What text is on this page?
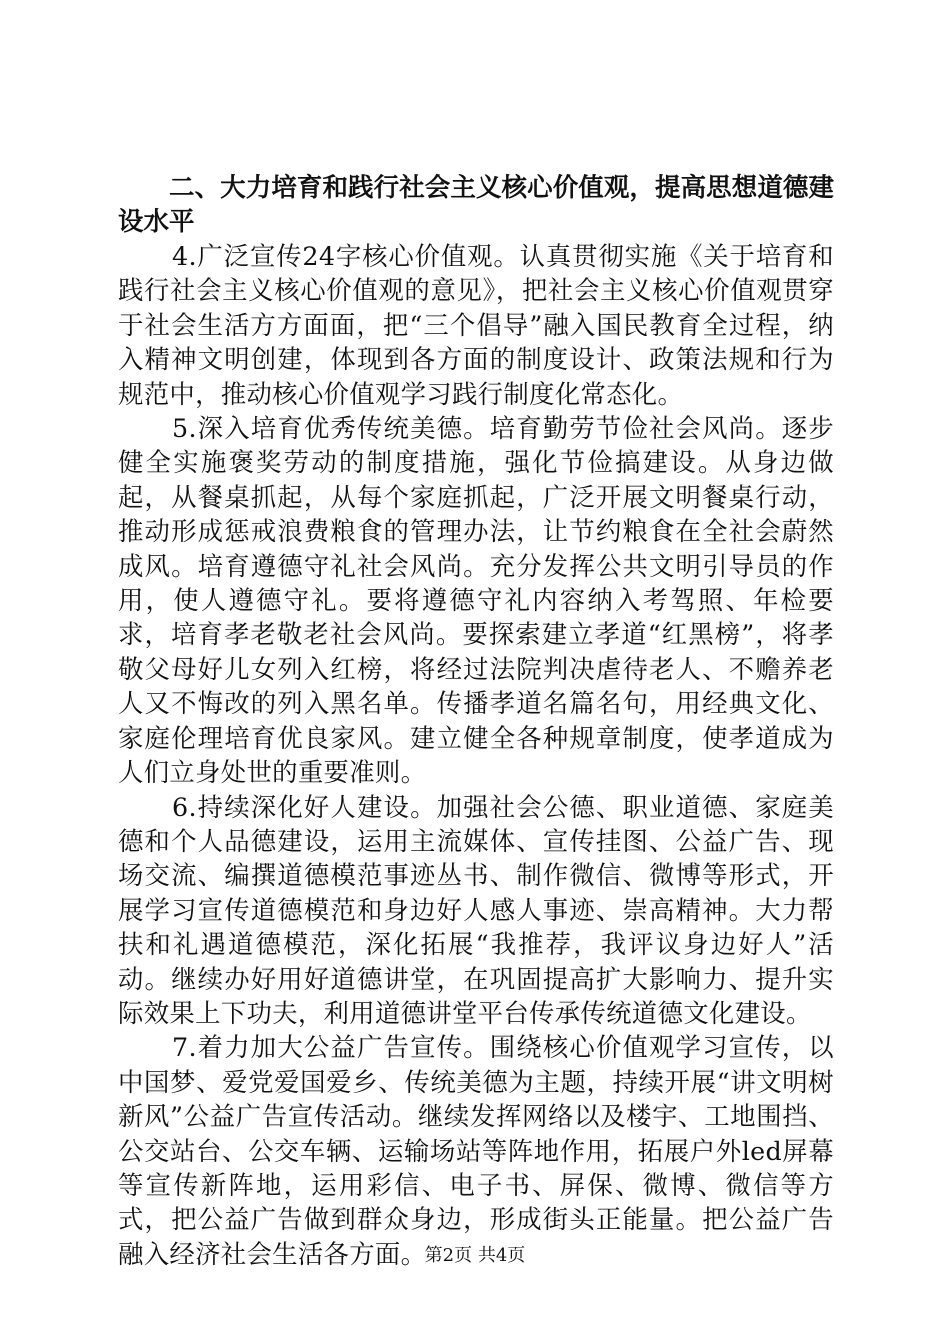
二、大力培育和践行社会主义核心价值观，提高思想道德建设水平

4.广泛宣传24字核心价值观。认真贯彻实施《关于培育和践行社会主义核心价值观的意见》，把社会主义核心价值观贯穿于社会生活方方面面，把“三个倡导”融入国民教育全过程，纳入精神文明创建，体现到各方面的制度设计、政策法规和行为规范中，推动核心价值观学习践行制度化常态化。

5.深入培育优秀传统美德。培育勤劳节俭社会风尚。逐步健全实施褒奖劳动的制度措施，强化节俭搞建设。从身边做起，从餐桌抓起，从每个家庭抓起，广泛开展文明餐桌行动，推动形成惩戒浪费粮食的管理办法，让节约粮食在全社会蔚然成风。培育遵德守礼社会风尚。充分发挥公共文明引导员的作用，使人遵德守礼。要将遵德守礼内容纳入考驾照、年检要求，培育孝老敬老社会风尚。要探索建立孝道“红黑榜”，将孝敬父母好儿女列入红榜，将经过法院判决虐待老人、不赡养老人又不悔改的列入黑名单。传播孝道名篇名句，用经典文化、家庭伦理培育优良家风。建立健全各种规章制度，使孝道成为人们立身处世的重要准则。

6.持续深化好人建设。加强社会公德、职业道德、家庭美德和个人品德建设，运用主流媒体、宣传挂图、公益广告、现场交流、编撰道德模范事迹丛书、制作微信、微博等形式，开展学习宣传道德模范和身边好人感人事迹、崇高精神。大力帮扶和礼遇道德模范，深化拓展“我推荐，我评议身边好人”活动。继续办好用好道德讲堂，在巩固提高扩大影响力、提升实际效果上下功夫，利用道德讲堂平台传承传统道德文化建设。

7.着力加大公益广告宣传。围绕核心价值观学习宣传，以中国梦、爱党爱国爱乡、传统美德为主题，持续开展“讲文明树新风”公益广告宣传活动。继续发挥网络以及楼宇、工地围挡、公交站台、公交车辆、运输场站等阵地作用，拓展户外led屏幕等宣传新阵地，运用彩信、电子书、屏保、微博、微信等方式，把公益广告做到群众身边，形成街头正能量。把公益广告融入经济社会生活各方面。

第2页 共4页
